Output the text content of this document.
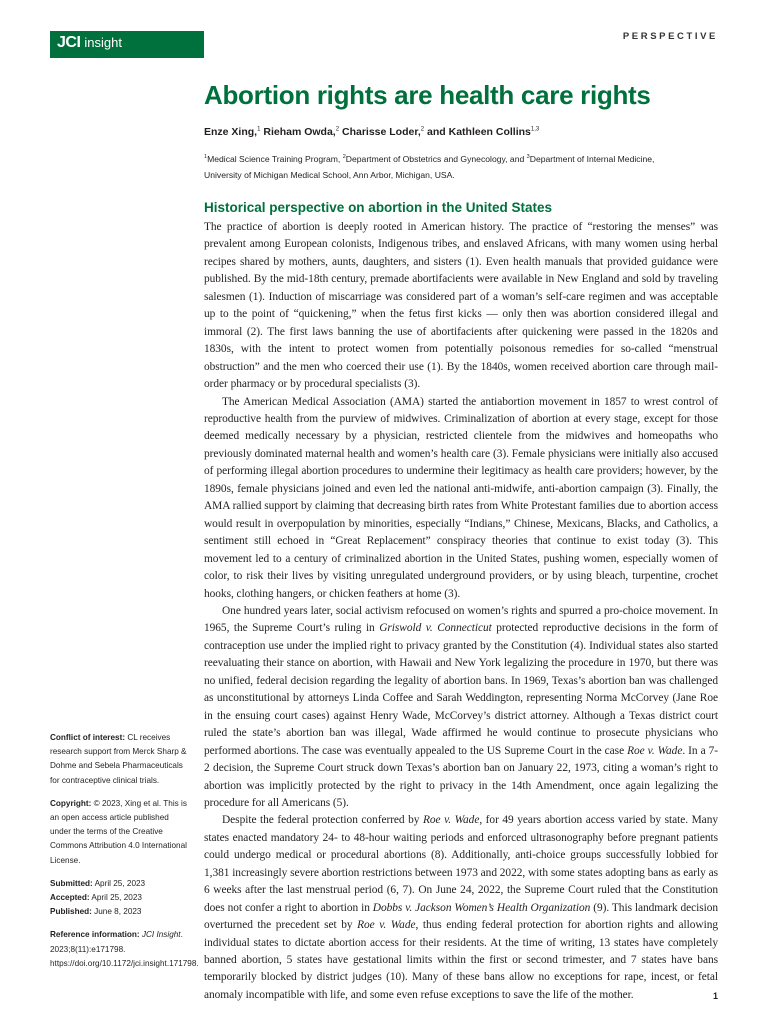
JCI insight	PERSPECTIVE
Abortion rights are health care rights
Enze Xing,$^1$ Rieham Owda,$^2$ Charisse Loder,$^2$ and Kathleen Collins$^{1,3}$
$^1$Medical Science Training Program, $^2$Department of Obstetrics and Gynecology, and $^3$Department of Internal Medicine,
University of Michigan Medical School, Ann Arbor, Michigan, USA.
Historical perspective on abortion in the United States

The practice of abortion is deeply rooted in American history. The practice of “restoring the menses” was prevalent among European colonists, Indigenous tribes, and enslaved Africans, with many women using herbal recipes shared by mothers, aunts, daughters, and sisters (1). Even health manuals that provided guidance were published. By the mid-18th century, premade abortifacients were available in New England and sold by traveling salesmen (1). Induction of miscarriage was considered part of a woman’s self-care regimen and was acceptable up to the point of “quickening,” when the fetus first kicks — only then was abortion considered illegal and immoral (2). The first laws banning the use of abortifacients after quickening were passed in the 1820s and 1830s, with the intent to protect women from potentially poisonous remedies for so-called “menstrual obstruction” and the men who coerced their use (1). By the 1840s, women received abortion care through mail-order pharmacy or by procedural specialists (3).

The American Medical Association (AMA) started the antiabortion movement in 1857 to wrest control of reproductive health from the purview of midwives. Criminalization of abortion at every stage, except for those deemed medically necessary by a physician, restricted clientele from the midwives and homeopaths who previously dominated maternal health and women’s health care (3). Female physicians were initially also accused of performing illegal abortion procedures to undermine their legitimacy as health care providers; however, by the 1890s, female physicians joined and even led the national anti-midwife, anti-abortion campaign (3). Finally, the AMA rallied support by claiming that decreasing birth rates from White Protestant families due to abortion access would result in overpopulation by minorities, especially “Indians,” Chinese, Mexicans, Blacks, and Catholics, a sentiment still echoed in “Great Replacement” conspiracy theories that continue to exist today (3). This movement led to a century of criminalized abortion in the United States, pushing women, especially women of color, to risk their lives by visiting unregulated underground providers, or by using bleach, turpentine, crochet hooks, clothing hangers, or chicken feathers at home (3).

One hundred years later, social activism refocused on women’s rights and spurred a pro-choice movement. In 1965, the Supreme Court’s ruling in Griswold v. Connecticut protected reproductive decisions in the form of contraception use under the implied right to privacy granted by the Constitution (4). Individual states also started reevaluating their stance on abortion, with Hawaii and New York legalizing the procedure in 1970, but there was no unified, federal decision regarding the legality of abortion bans. In 1969, Texas’s abortion ban was challenged as unconstitutional by attorneys Linda Coffee and Sarah Weddington, representing Norma McCorvey (Jane Roe in the ensuing court cases) against Henry Wade, McCorvey’s district attorney. Although a Texas district court ruled the state’s abortion ban was illegal, Wade affirmed he would continue to prosecute physicians who performed abortions. The case was eventually appealed to the US Supreme Court in the case Roe v. Wade. In a 7-2 decision, the Supreme Court struck down Texas’s abortion ban on January 22, 1973, citing a woman’s right to abortion was implicitly protected by the right to privacy in the 14th Amendment, once again legalizing the procedure for all Americans (5).

Despite the federal protection conferred by Roe v. Wade, for 49 years abortion access varied by state. Many states enacted mandatory 24- to 48-hour waiting periods and enforced ultrasonography before pregnant patients could undergo medical or procedural abortions (8). Additionally, anti-choice groups successfully lobbied for 1,381 increasingly severe abortion restrictions between 1973 and 2022, with some states adopting bans as early as 6 weeks after the last menstrual period (6, 7). On June 24, 2022, the Supreme Court ruled that the Constitution does not confer a right to abortion in Dobbs v. Jackson Women’s Health Organization (9). This landmark decision overturned the precedent set by Roe v. Wade, thus ending federal protection for abortion rights and allowing individual states to dictate abortion access for their residents. At the time of writing, 13 states have completely banned abortion, 5 states have gestational limits within the first or second trimester, and 7 states have bans temporarily blocked by district judges (10). Many of these bans allow no exceptions for rape, incest, or fetal anomaly incompatible with life, and some even refuse exceptions to save the life of the mother.

Conflict of interest: CL receives research support from Merck Sharp & Dohme and Sebela Pharmaceuticals for contraceptive clinical trials.

Copyright: © 2023, Xing et al. This is an open access article published under the terms of the Creative Commons Attribution 4.0 International License.

Submitted: April 25, 2023
Accepted: April 25, 2023
Published: June 8, 2023

Reference information: JCI Insight. 2023;8(11):e171798. https://doi.org/10.1172/jci.insight.171798.

1
